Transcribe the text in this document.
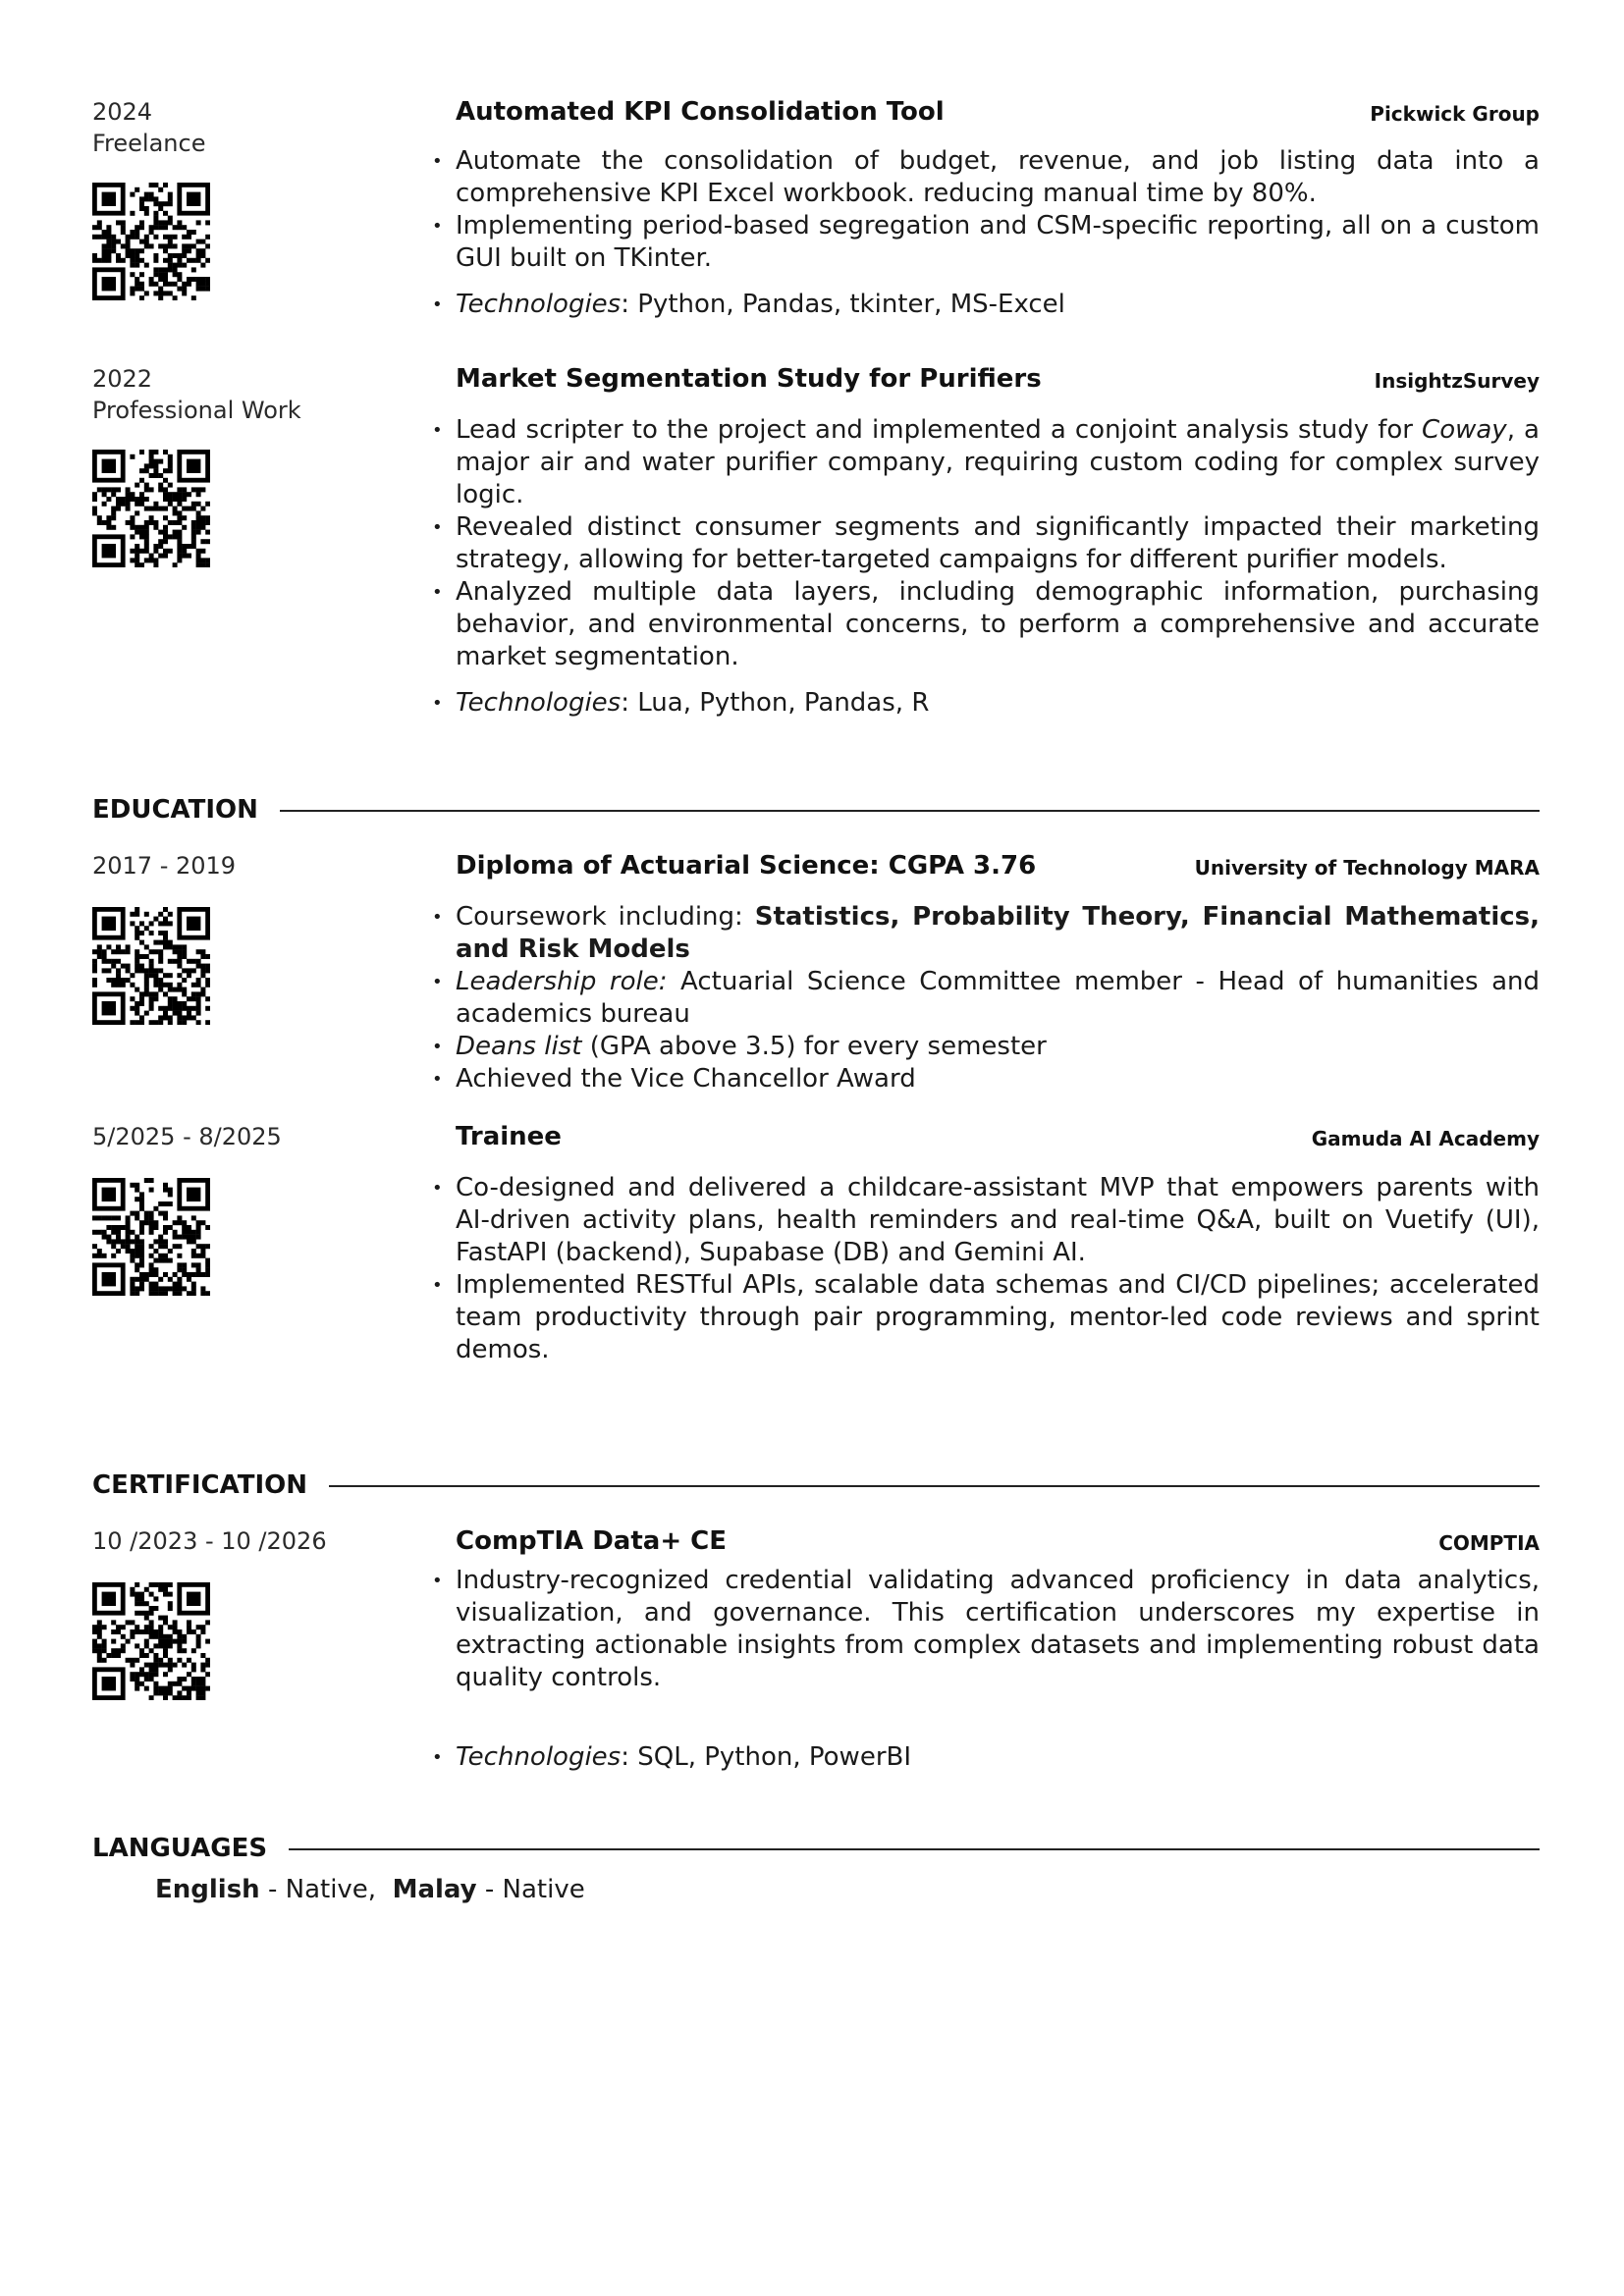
2024
Freelance
Automated KPI Consolidation Tool	Pickwick Group
• Automate the consolidation of budget, revenue, and job listing data into a comprehensive KPI Excel workbook. reducing manual time by 80%.
• Implementing period-based segregation and CSM-specific reporting, all on a custom GUI built on TKinter.
• Technologies: Python, Pandas, tkinter, MS-Excel
2022
Professional Work
Market Segmentation Study for Purifiers	InsightzSurvey
• Lead scripter to the project and implemented a conjoint analysis study for Coway, a major air and water purifier company, requiring custom coding for complex survey logic.
• Revealed distinct consumer segments and significantly impacted their marketing strategy, allowing for better-targeted campaigns for different purifier models.
• Analyzed multiple data layers, including demographic information, purchasing behavior, and environmental concerns, to perform a comprehensive and accurate market segmentation.
• Technologies: Lua, Python, Pandas, R
EDUCATION
2017 - 2019	Diploma of Actuarial Science: CGPA 3.76	University of Technology MARA
• Coursework including: Statistics, Probability Theory, Financial Mathematics, and Risk Models
• Leadership role: Actuarial Science Committee member - Head of humanities and academics bureau
• Deans list (GPA above 3.5) for every semester
• Achieved the Vice Chancellor Award
5/2025 - 8/2025	Trainee	Gamuda AI Academy
• Co-designed and delivered a childcare-assistant MVP that empowers parents with AI-driven activity plans, health reminders and real-time Q&A, built on Vuetify (UI), FastAPI (backend), Supabase (DB) and Gemini AI.
• Implemented RESTful APIs, scalable data schemas and CI/CD pipelines; accelerated team productivity through pair programming, mentor-led code reviews and sprint demos.
CERTIFICATION
10 /2023 - 10 /2026	CompTIA Data+ CE	COMPTIA
• Industry-recognized credential validating advanced proficiency in data analytics, visualization, and governance. This certification underscores my expertise in extracting actionable insights from complex datasets and implementing robust data quality controls.
• Technologies: SQL, Python, PowerBI
LANGUAGES
English - Native, Malay - Native
